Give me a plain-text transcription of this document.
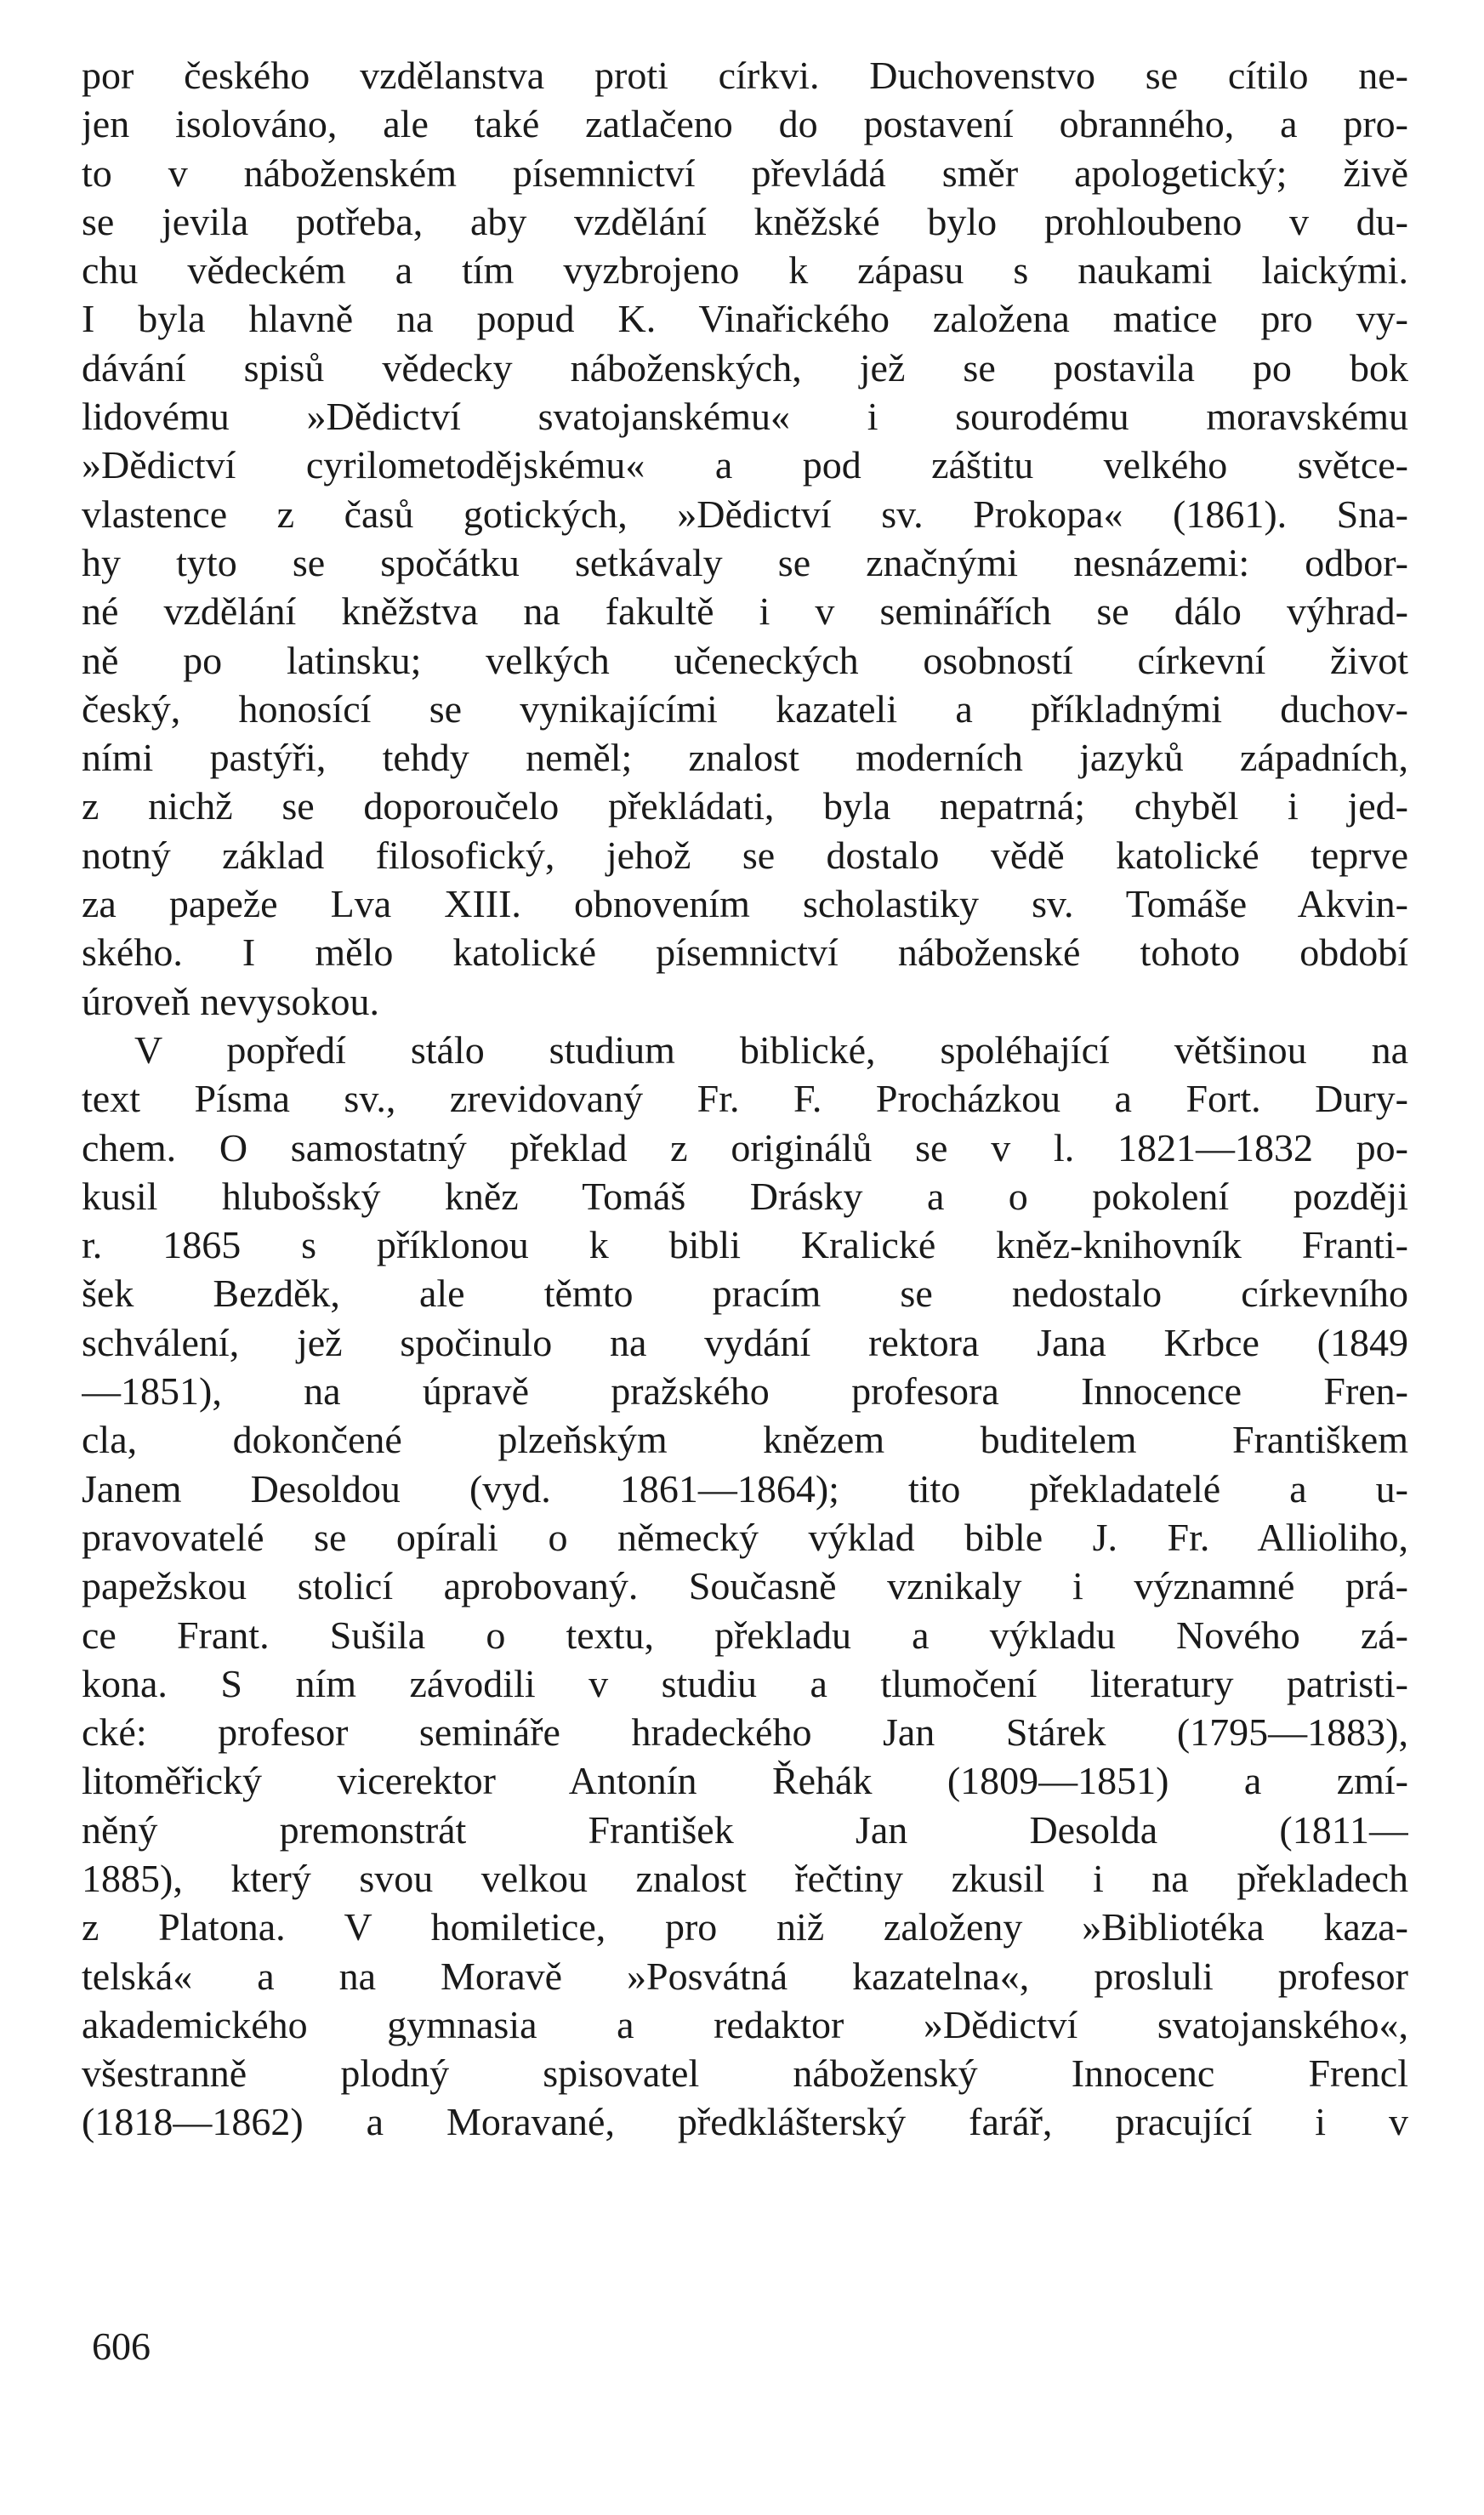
por českého vzdělanstva proti církvi. Duchovenstvo se cítilo ne-
jen isolováno, ale také zatlačeno do postavení obranného, a pro-
to v náboženském písemnictví převládá směr apologetický; živě
se jevila potřeba, aby vzdělání kněžské bylo prohloubeno v du-
chu vědeckém a tím vyzbrojeno k zápasu s naukami laickými.
I byla hlavně na popud K. Vinařického založena matice pro vy-
dávání spisů vědecky náboženských, jež se postavila po bok
lidovému »Dědictví svatojanskému« i sourodému moravskému
»Dědictví cyrilometodějskému« a pod záštitu velkého světce-
vlastence z časů gotických, »Dědictví sv. Prokopa« (1861). Sna-
hy tyto se spočátku setkávaly se značnými nesnázemi: odbor-
né vzdělání kněžstva na fakultě i v seminářích se dálo výhrad-
ně po latinsku; velkých učeneckých osobností církevní život
český, honosící se vynikajícími kazateli a příkladnými duchov-
ními pastýři, tehdy neměl; znalost moderních jazyků západních,
z nichž se doporoučelo překládati, byla nepatrná; chyběl i jed-
notný základ filosofický, jehož se dostalo vědě katolické teprve
za papeže Lva XIII. obnovením scholastiky sv. Tomáše Akvin-
ského. I mělo katolické písemnictví náboženské tohoto období
úroveň nevysokou.
V popředí stálo studium biblické, spoléhající většinou na
text Písma sv., zrevidovaný Fr. F. Procházkou a Fort. Dury-
chem. O samostatný překlad z originálů se v l. 1821—1832 po-
kusil hlubošský kněz Tomáš Drásky a o pokolení později
r. 1865 s příklonou k bibli Kralické kněz-knihovník Franti-
šek Bezděk, ale těmto pracím se nedostalo církevního
schválení, jež spočinulo na vydání rektora Jana Krbce (1849
—1851), na úpravě pražského profesora Innocence Fren-
cla, dokončené plzeňským knězem buditelem Františkem
Janem Desoldou (vyd. 1861—1864); tito překladatelé a u-
pravovatelé se opírali o německý výklad bible J. Fr. Allioliho,
papežskou stolicí aprobovaný. Současně vznikaly i významné prá-
ce Frant. Sušila o textu, překladu a výkladu Nového zá-
kona. S ním závodili v studiu a tlumočení literatury patristi-
cké: profesor semináře hradeckého Jan Stárek (1795—1883),
litoměřický vicerektor Antonín Řehák (1809—1851) a zmí-
něný premonstrát František Jan Desolda (1811—
1885), který svou velkou znalost řečtiny zkusil i na překladech
z Platona. V homiletice, pro niž založeny »Bibliotéka kaza-
telská« a na Moravě »Posvátná kazatelna«, prosluli profesor
akademického gymnasia a redaktor »Dědictví svatojanského«,
všestranně plodný spisovatel náboženský Innocenc Frencl
(1818—1862) a Moravané, předklášterský farář, pracující i v
606
